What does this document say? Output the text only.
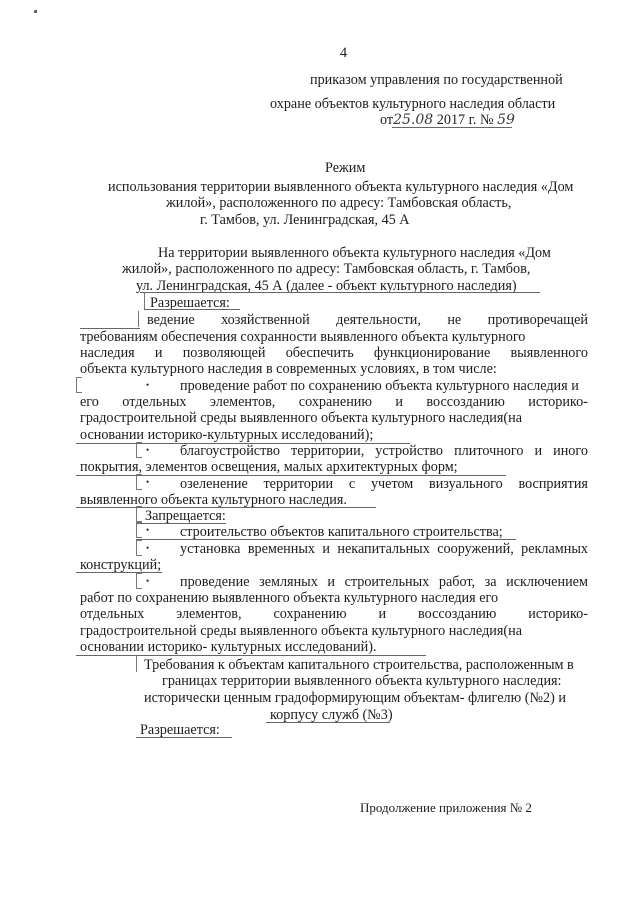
4
приказом управления по государственной
охране объектов культурного наследия области
от25.08 2017 г. № 59
Режим
использования территории выявленного объекта культурного наследия «Дом
жилой», расположенного по адресу: Тамбовская область,
г. Тамбов, ул. Ленинградская, 45 А
На территории выявленного объекта культурного наследия «Дом
жилой», расположенного по адресу: Тамбовская область, г. Тамбов,
ул. Ленинградская, 45 А (далее - объект культурного наследия)
Разрешается:
ведение хозяйственной деятельности, не противоречащей
требованиям обеспечения сохранности выявленного объекта культурного
наследия и позволяющей обеспечить функционирование выявленного
объекта культурного наследия в современных условиях, в том числе:
• проведение работ по сохранению объекта культурного наследия и
его отдельных элементов, сохранению и воссозданию историко-
градостроительной среды выявленного объекта культурного наследия(на
основании историко-культурных исследований);
• благоустройство территории, устройство плиточного и иного
покрытия, элементов освещения, малых архитектурных форм;
• озеленение территории с учетом визуального восприятия
выявленного объекта культурного наследия.
Запрещается:
• строительство объектов капитального строительства;
• установка временных и некапитальных сооружений, рекламных
конструкций;
• проведение земляных и строительных работ, за исключением
работ по сохранению выявленного объекта культурного наследия его
отдельных элементов, сохранению и воссозданию историко-
градостроительной среды выявленного объекта культурного наследия(на
основании историко- культурных исследований).
Требования к объектам капитального строительства, расположенным в
границах территории выявленного объекта культурного наследия:
исторически ценным градоформирующим объектам- флигелю (№2) и
корпусу служб (№3)
Разрешается:
Продолжение приложения № 2
